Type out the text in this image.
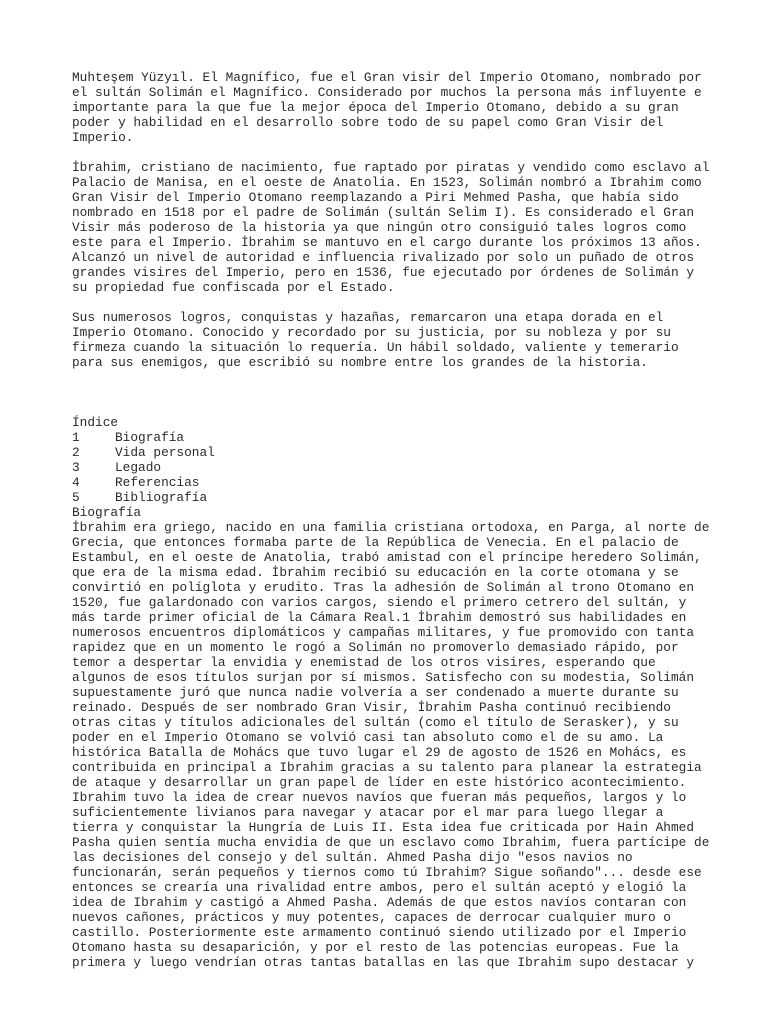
Muhteşem Yüzyıl. El Magnífico, fue el Gran visir del Imperio Otomano, nombrado por
el sultán Solimán el Magnífico. Considerado por muchos la persona más influyente e
importante para la que fue la mejor época del Imperio Otomano, debido a su gran
poder y habilidad en el desarrollo sobre todo de su papel como Gran Visir del
Imperio.

İbrahim, cristiano de nacimiento, fue raptado por piratas y vendido como esclavo al
Palacio de Manisa, en el oeste de Anatolia. En 1523, Solimán nombró a Ibrahim como
Gran Visir del Imperio Otomano reemplazando a Piri Mehmed Pasha, que había sido
nombrado en 1518 por el padre de Solimán (sultán Selim I). Es considerado el Gran
Visir más poderoso de la historia ya que ningún otro consiguió tales logros como
este para el Imperio. İbrahim se mantuvo en el cargo durante los próximos 13 años.
Alcanzó un nivel de autoridad e influencia rivalizado por solo un puñado de otros
grandes visires del Imperio, pero en 1536, fue ejecutado por órdenes de Solimán y
su propiedad fue confiscada por el Estado.

Sus numerosos logros, conquistas y hazañas, remarcaron una etapa dorada en el
Imperio Otomano. Conocido y recordado por su justicia, por su nobleza y por su
firmeza cuando la situación lo requería. Un hábil soldado, valiente y temerario
para sus enemigos, que escribió su nombre entre los grandes de la historia.

Índice
1	Biografía
2	Vida personal
3	Legado
4	Referencias
5	Bibliografía
Biografía

İbrahim era griego, nacido en una familia cristiana ortodoxa, en Parga, al norte de
Grecia, que entonces formaba parte de la República de Venecia. En el palacio de
Estambul, en el oeste de Anatolia, trabó amistad con el príncipe heredero Solimán,
que era de la misma edad. İbrahim recibió su educación en la corte otomana y se
convirtió en políglota y erudito. Tras la adhesión de Solimán al trono Otomano en
1520, fue galardonado con varios cargos, siendo el primero cetrero del sultán, y
más tarde primer oficial de la Cámara Real.1 İbrahim demostró sus habilidades en
numerosos encuentros diplomáticos y campañas militares, y fue promovido con tanta
rapidez que en un momento le rogó a Solimán no promoverlo demasiado rápido, por
temor a despertar la envidia y enemistad de los otros visires, esperando que
algunos de esos títulos surjan por sí mismos. Satisfecho con su modestia, Solimán
supuestamente juró que nunca nadie volvería a ser condenado a muerte durante su
reinado. Después de ser nombrado Gran Visir, İbrahim Pasha continuó recibiendo
otras citas y títulos adicionales del sultán (como el título de Serasker), y su
poder en el Imperio Otomano se volvió casi tan absoluto como el de su amo. La
histórica Batalla de Mohács que tuvo lugar el 29 de agosto de 1526 en Mohács, es
contribuida en principal a Ibrahim gracias a su talento para planear la estrategia
de ataque y desarrollar un gran papel de líder en este histórico acontecimiento.
Ibrahim tuvo la idea de crear nuevos navíos que fueran más pequeños, largos y lo
suficientemente livianos para navegar y atacar por el mar para luego llegar a
tierra y conquistar la Hungría de Luis II. Esta idea fue criticada por Hain Ahmed
Pasha quien sentía mucha envidia de que un esclavo como Ibrahim, fuera partícipe de
las decisiones del consejo y del sultán. Ahmed Pasha dijo "esos navios no
funcionarán, serán pequeños y tiernos como tú Ibrahim? Sigue soñando"... desde ese
entonces se crearía una rivalidad entre ambos, pero el sultán aceptó y elogió la
idea de Ibrahim y castigó a Ahmed Pasha. Además de que estos navíos contaran con
nuevos cañones, prácticos y muy potentes, capaces de derrocar cualquier muro o
castillo. Posteriormente este armamento continuó siendo utilizado por el Imperio
Otomano hasta su desaparición, y por el resto de las potencias europeas. Fue la
primera y luego vendrían otras tantas batallas en las que Ibrahim supo destacar y
